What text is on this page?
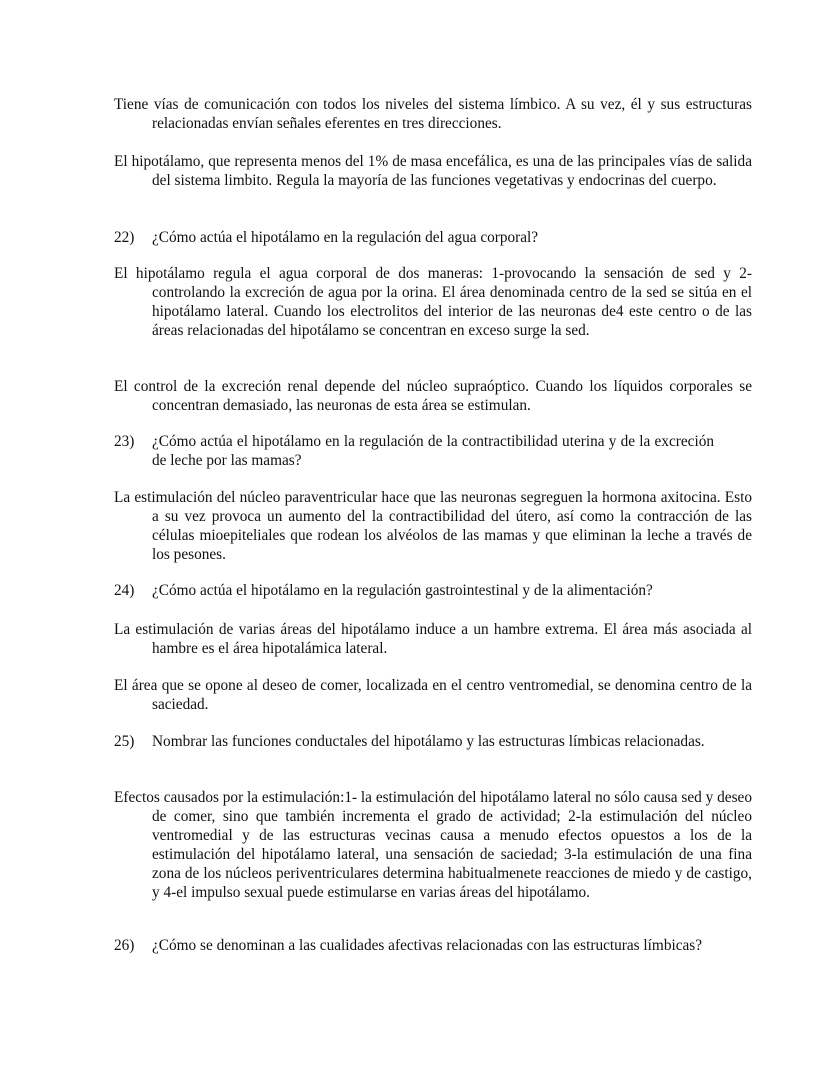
Tiene vías de comunicación con todos los niveles del sistema límbico. A su vez, él y sus estructuras relacionadas envían señales eferentes en tres direcciones.
El hipotálamo, que representa menos del 1% de masa encefálica, es una de las principales vías de salida del sistema limbito. Regula la mayoría de las funciones vegetativas y endocrinas del cuerpo.
22)	¿Cómo actúa el hipotálamo en la regulación del agua corporal?
El hipotálamo regula el agua corporal de dos maneras: 1-provocando la sensación de sed y 2- controlando la excreción de agua por la orina. El área denominada centro de la sed se sitúa en el hipotálamo lateral. Cuando los electrolitos del interior de las neuronas de4 este centro o de las áreas relacionadas del hipotálamo se concentran en exceso surge la sed.
El control de la excreción renal depende del núcleo supraóptico. Cuando los líquidos corporales se concentran demasiado, las neuronas de esta área se estimulan.
23)	¿Cómo actúa el hipotálamo en la regulación de la contractibilidad uterina y de la excreción de leche por las mamas?
La estimulación del núcleo paraventricular hace que las neuronas segreguen la hormona axitocina. Esto a su vez provoca un aumento del la contractibilidad del útero, así como la contracción de las células mioepiteliales que rodean los alvéolos de las mamas y que eliminan la leche a través de los pesones.
24)	¿Cómo actúa el hipotálamo en la regulación gastrointestinal y de la alimentación?
La estimulación de varias áreas del hipotálamo induce a un hambre extrema. El área más asociada al hambre es el área hipotalámica lateral.
El área que se opone al deseo de comer, localizada en el centro ventromedial, se denomina centro de la saciedad.
25)	Nombrar las funciones conductales del hipotálamo y las estructuras límbicas relacionadas.
Efectos causados por la estimulación:1- la estimulación del hipotálamo lateral no sólo causa sed y deseo de comer, sino que también incrementa el grado de actividad; 2-la estimulación del núcleo ventromedial y de las estructuras vecinas causa a menudo efectos opuestos a los de la estimulación del hipotálamo lateral, una sensación de saciedad; 3-la estimulación de una fina zona de los núcleos periventriculares determina habitualmenete reacciones de miedo y de castigo, y 4-el impulso sexual puede estimularse en varias áreas del hipotálamo.
26)	¿Cómo se denominan a las cualidades afectivas relacionadas con las estructuras límbicas?
